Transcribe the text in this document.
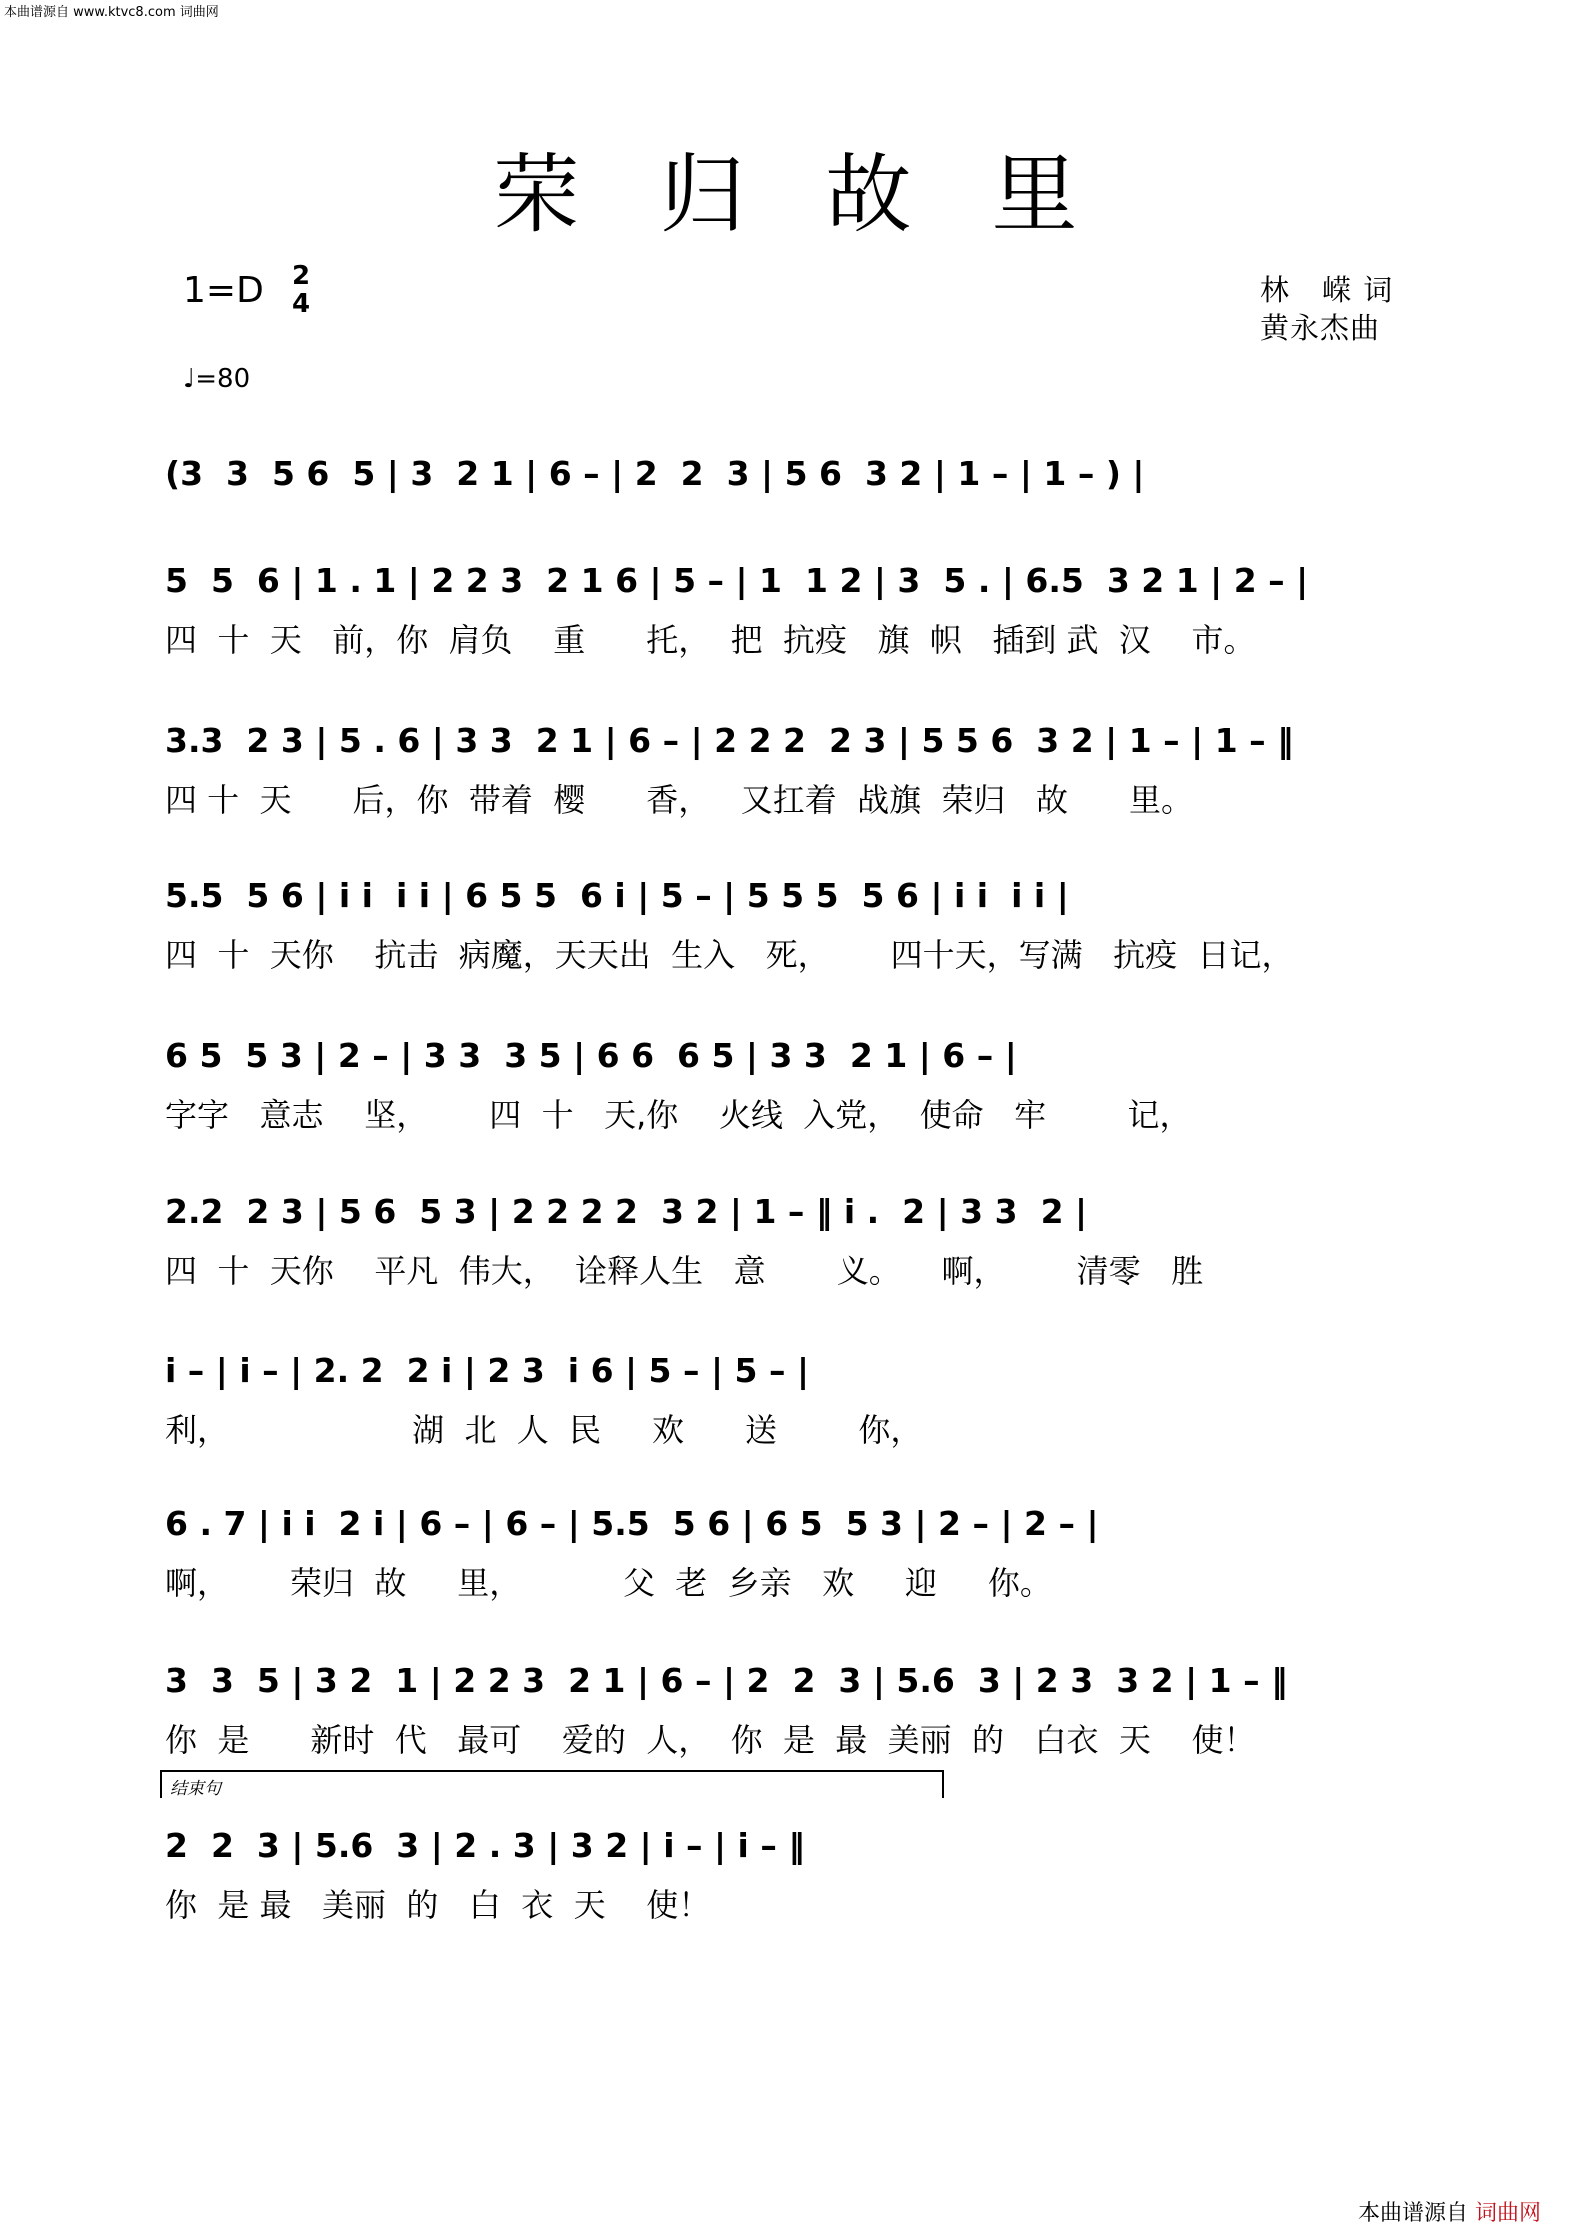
本曲谱源自 www.ktvc8.com 词曲网
荣归故里
1=D 2
4
♩=80
林 嵘词
黄永杰曲
(3  3  5 6  5 | 3  2 1 | 6 – | 2  2  3 | 5 6  3 2 | 1 – | 1 – ) |
5  5  6 | 1 . 1 | 2 2 3  2 1 6 | 5 – | 1  1 2 | 3  5 . | 6.5  3 2 1 | 2 – |
四  十  天   前，你  肩负    重      托，  把  抗疫   旗  帜   插到 武  汉    市。
3.3  2 3 | 5 . 6 | 3 3  2 1 | 6 – | 2 2 2  2 3 | 5 5 6  3 2 | 1 – | 1 – ‖
四 十  天      后，你  带着  樱      香，   又扛着  战旗  荣归   故      里。
5.5  5 6 | i i  i i | 6 5 5  6 i | 5 – | 5 5 5  5 6 | i i  i i |
四  十  天你    抗击  病魔，天天出  生入   死，      四十天，写满   抗疫  日记，
6 5  5 3 | 2 – | 3 3  3 5 | 6 6  6 5 | 3 3  2 1 | 6 – |
字字   意志    坚，      四  十   天,你    火线  入党，  使命   牢        记，
2.2  2 3 | 5 6  5 3 | 2 2 2 2  3 2 | 1 – ‖ i .  2 | 3 3  2 |
四  十  天你    平凡  伟大，  诠释人生   意       义。    啊，       清零   胜
i – | i – | 2. 2  2 i | 2 3  i 6 | 5 – | 5 – |
利，                  湖  北  人  民     欢      送        你，
6 . 7 | i i  2 i | 6 – | 6 – | 5.5  5 6 | 6 5  5 3 | 2 – | 2 – |
啊，      荣归  故     里，          父  老  乡亲   欢     迎     你。
3  3  5 | 3 2  1 | 2 2 3  2 1 | 6 – | 2  2  3 | 5.6  3 | 2 3  3 2 | 1 – ‖
你  是      新时  代   最可    爱的  人，  你  是  最  美丽  的   白衣  天    使！
结束句
2  2  3 | 5.6  3 | 2 . 3 | 3 2 | i – | i – ‖
你  是 最   美丽  的   白  衣  天    使！
本曲谱源自 词曲网
